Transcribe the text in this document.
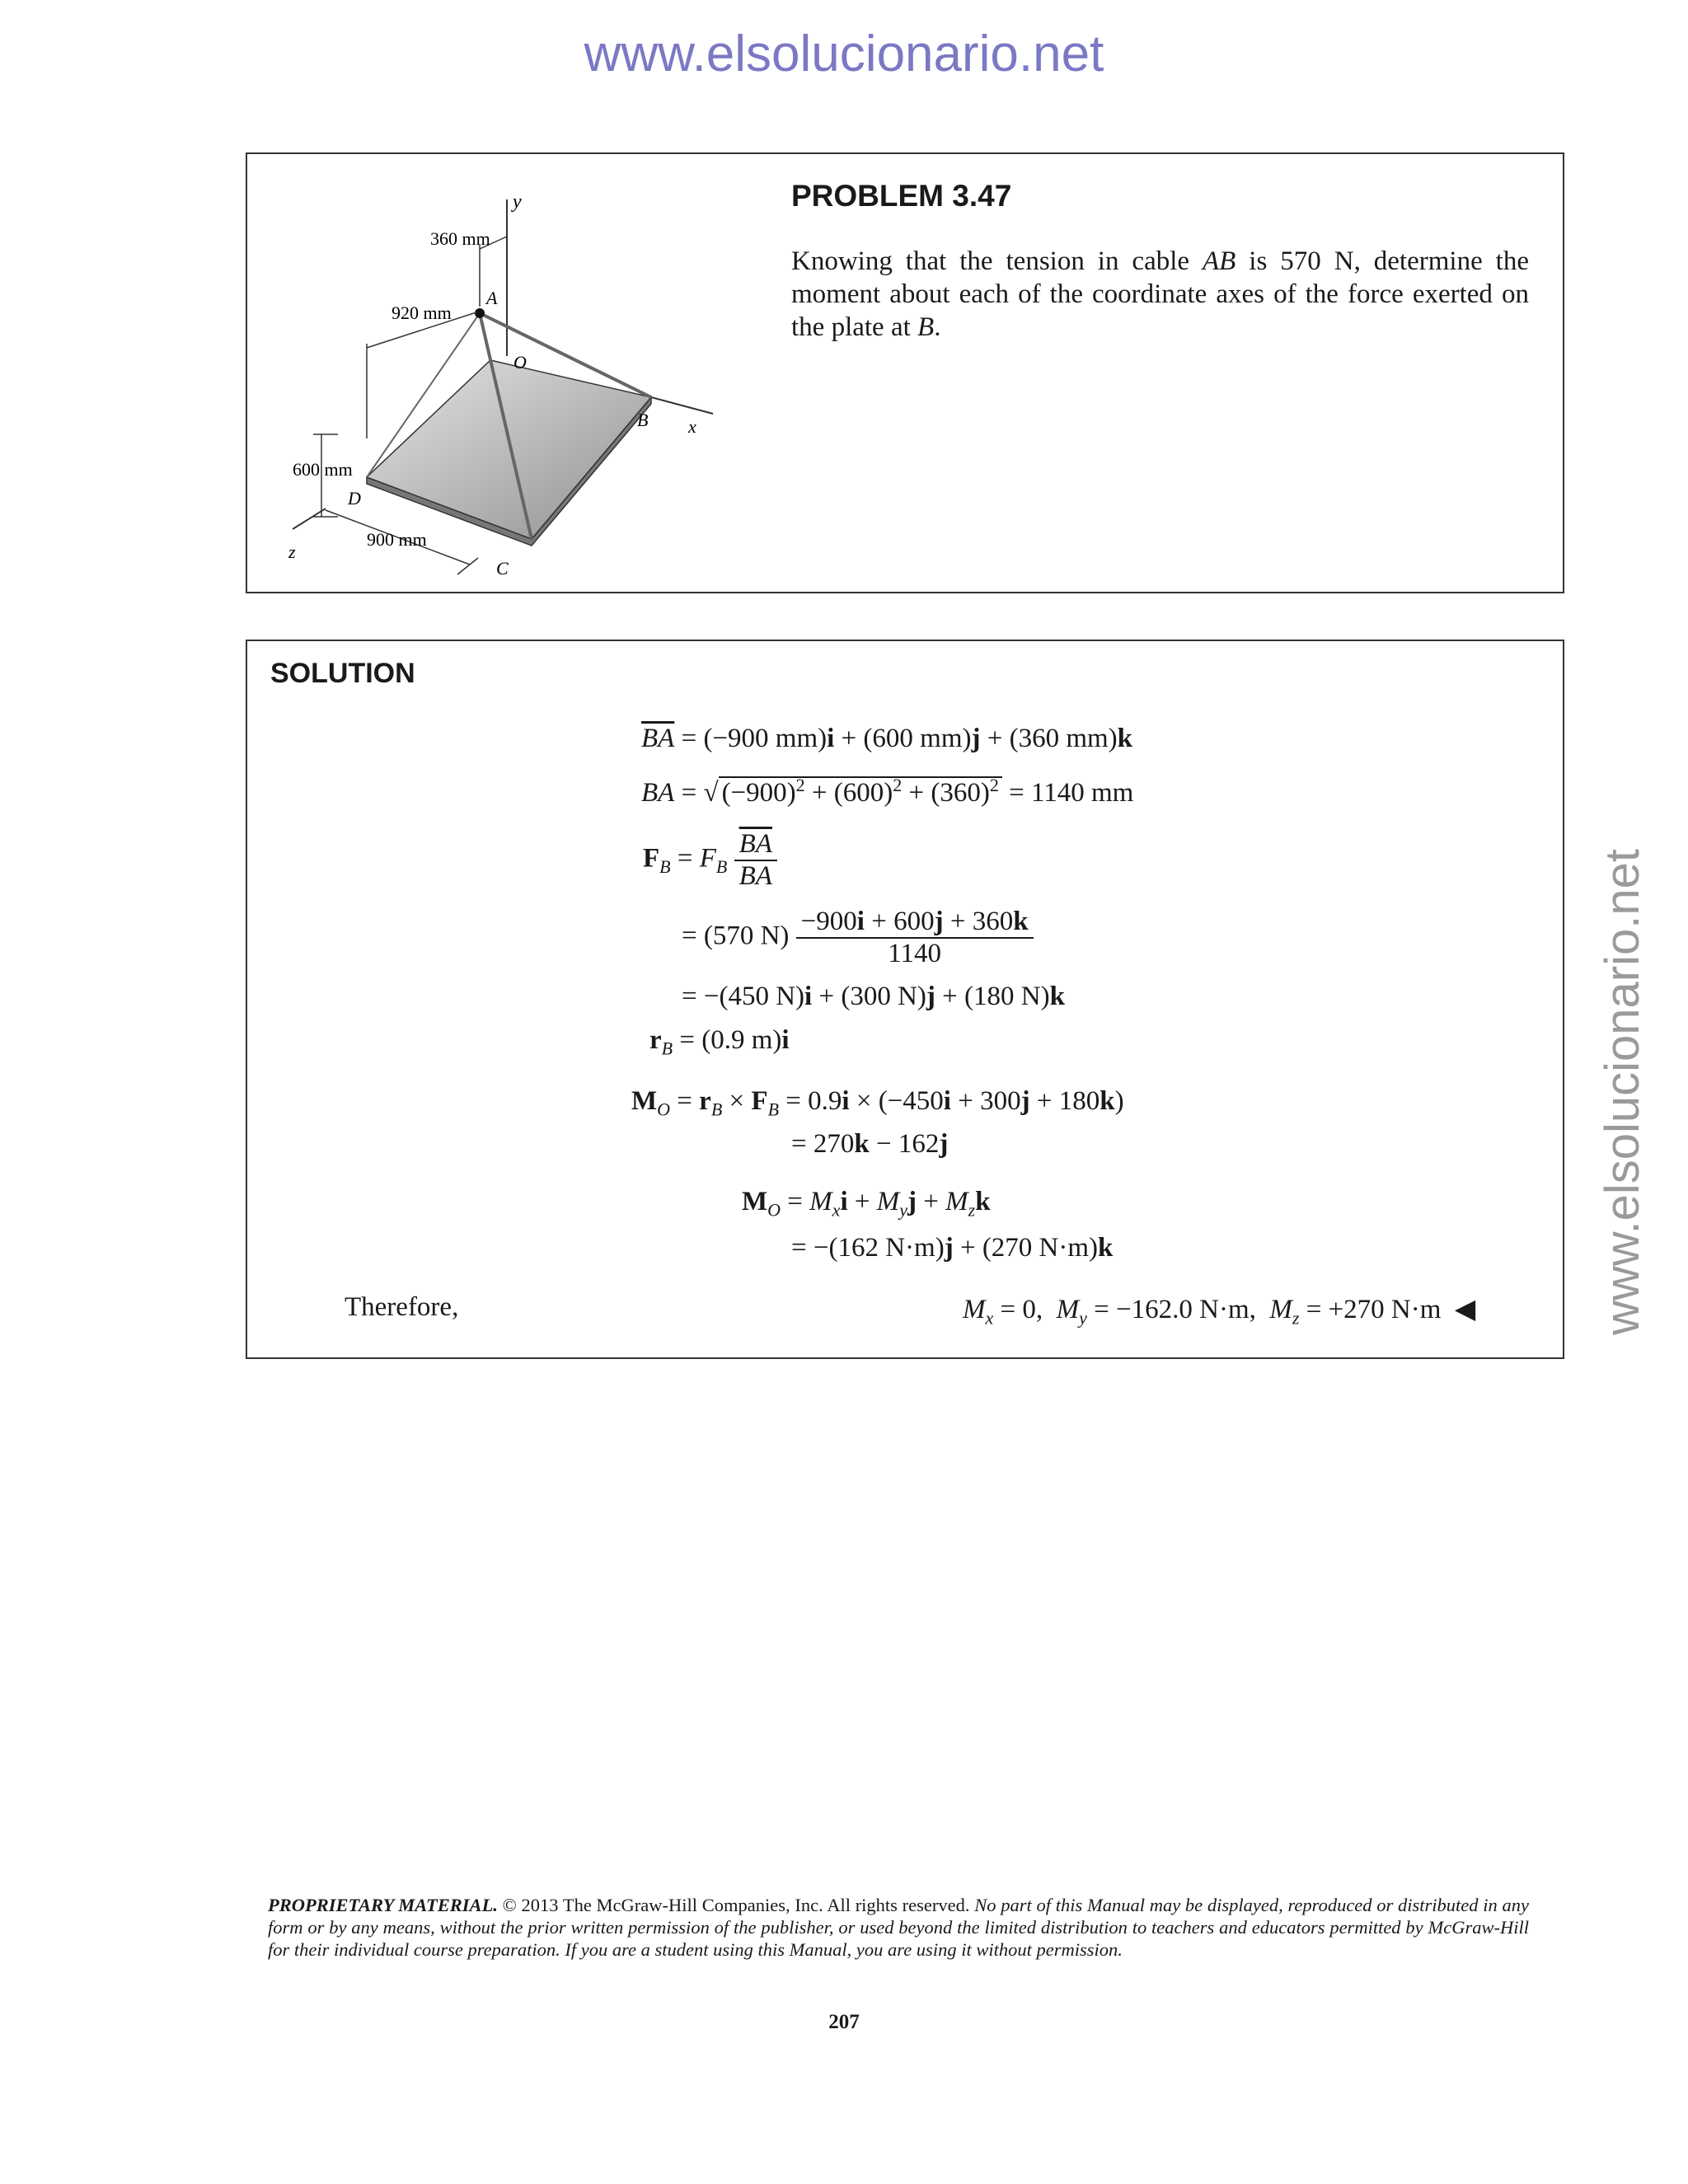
www.elsolucionario.net
www.elsolucionario.net
y
360 mm
A
920 mm
O
x
B
600 mm
D
z
900 mm
C
PROBLEM 3.47
Knowing that the tension in cable AB is 570 N, determine the moment about each of the coordinate axes of the force exerted on the plate at B.
SOLUTION
$\overline{BA} = (-900$ mm)i + (600 mm)j + (360 mm)k
BA = √ $(-900)^2 + (600)^2 + (360)^2 = 1140$ mm
$F_B = F_B \frac{\overline{BA}}{BA}$
= (570 $N) \frac{-900i + 600j + 360k}{1140}$
= −(450 N)i + (300 N)j + (180 N)k
$r_B = (0.9$ m)i
$M_O = r_B \times F_B = 0.9i \times (-450i + 300j + 180k)$
= 270k − 162j
$M_O = M_xi + M_yj + M_zk$
= −(162 N·m)j + (270 N·m)k
Therefore,	$M_x = 0$,  $M_y = -162.0$ N·m,  $M_z = +270$ N·m  ◀
PROPRIETARY MATERIAL. © 2013 The McGraw-Hill Companies, Inc. All rights reserved. No part of this Manual may be displayed, reproduced or distributed in any form or by any means, without the prior written permission of the publisher, or used beyond the limited distribution to teachers and educators permitted by McGraw-Hill for their individual course preparation. If you are a student using this Manual, you are using it without permission.
207
